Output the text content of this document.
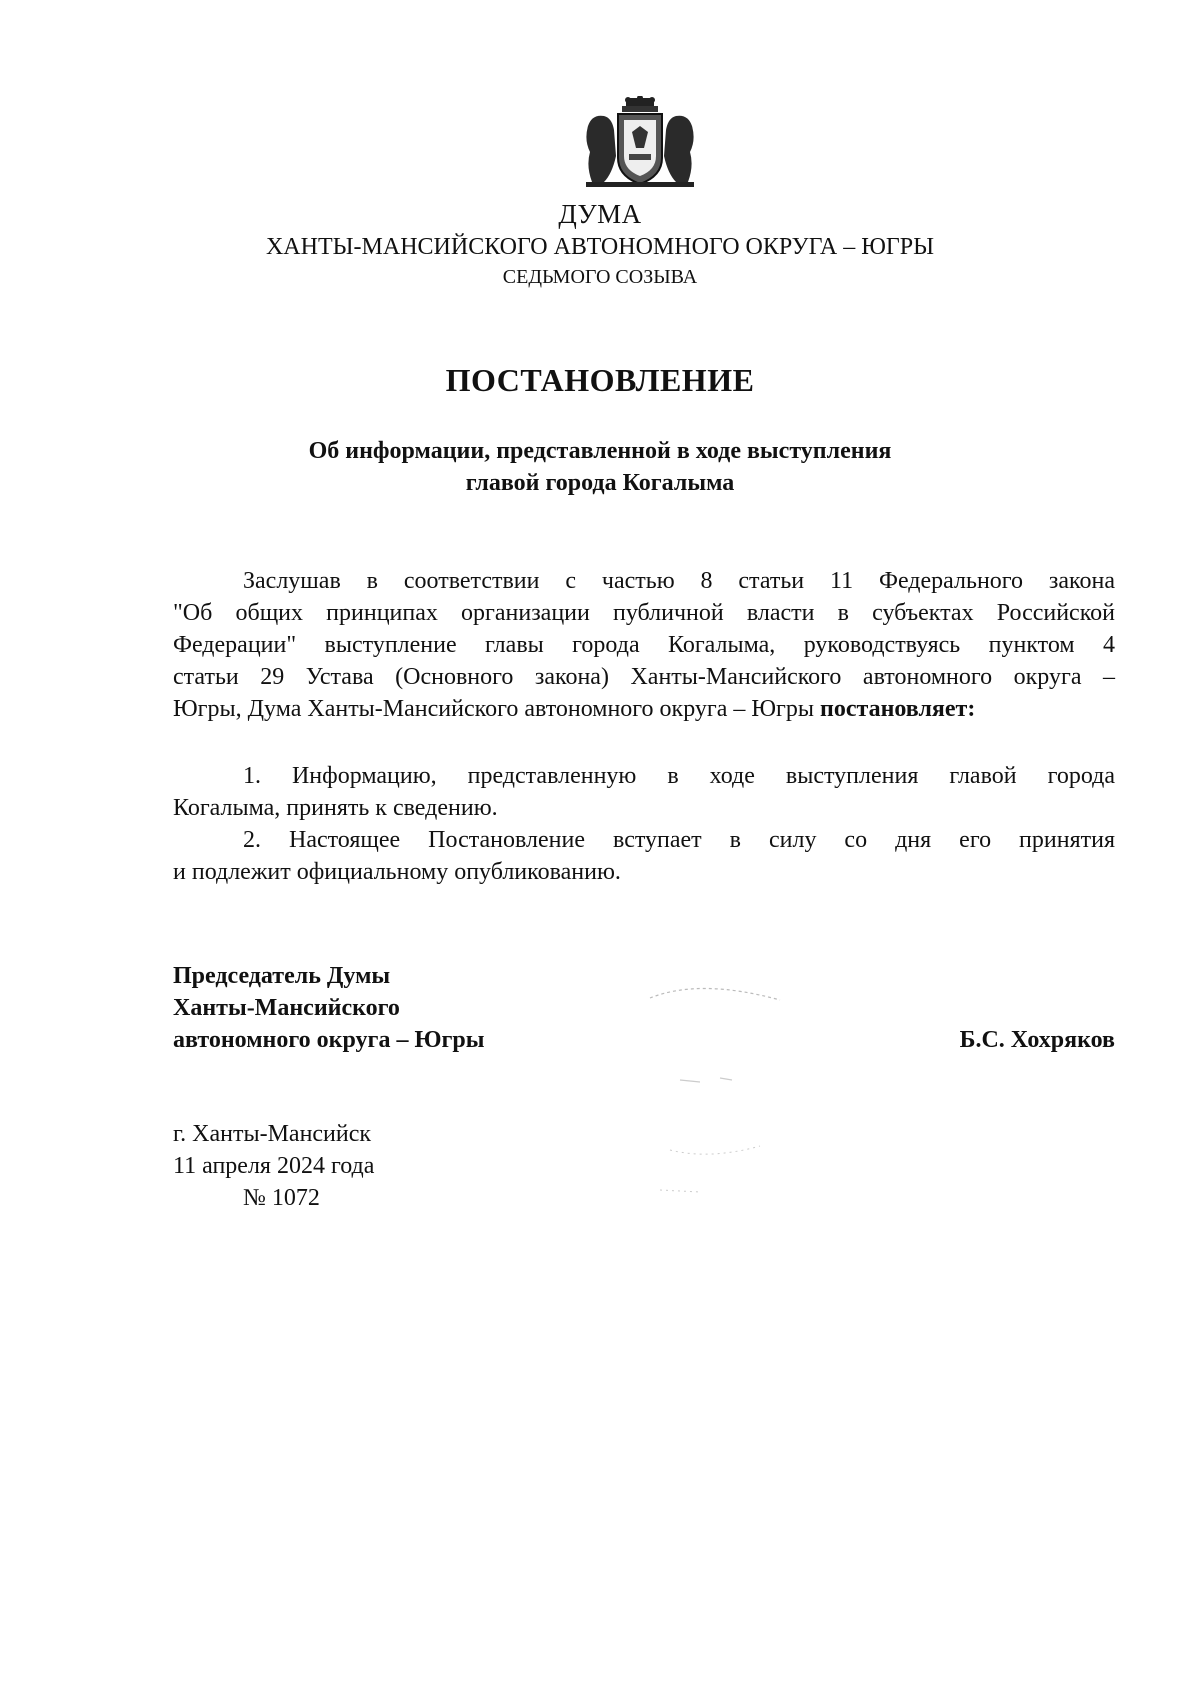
ДУМА
ХАНТЫ-МАНСИЙСКОГО АВТОНОМНОГО ОКРУГА – ЮГРЫ
СЕДЬМОГО СОЗЫВА
ПОСТАНОВЛЕНИЕ
Об информации, представленной в ходе выступления
главой города Когалыма
Заслушав в соответствии с частью 8 статьи 11 Федерального закона
"Об общих принципах организации публичной власти в субъектах Российской
Федерации" выступление главы города Когалыма, руководствуясь пунктом 4
статьи 29 Устава (Основного закона) Ханты-Мансийского автономного округа –
Югры, Дума Ханты-Мансийского автономного округа – Югры постановляет:
1. Информацию, представленную в ходе выступления главой города
Когалыма, принять к сведению.
2. Настоящее Постановление вступает в силу со дня его принятия
и подлежит официальному опубликованию.
Председатель Думы
Ханты-Мансийского
автономного округа – Югры	Б.С. Хохряков
г. Ханты-Мансийск
11 апреля 2024 года
№ 1072
